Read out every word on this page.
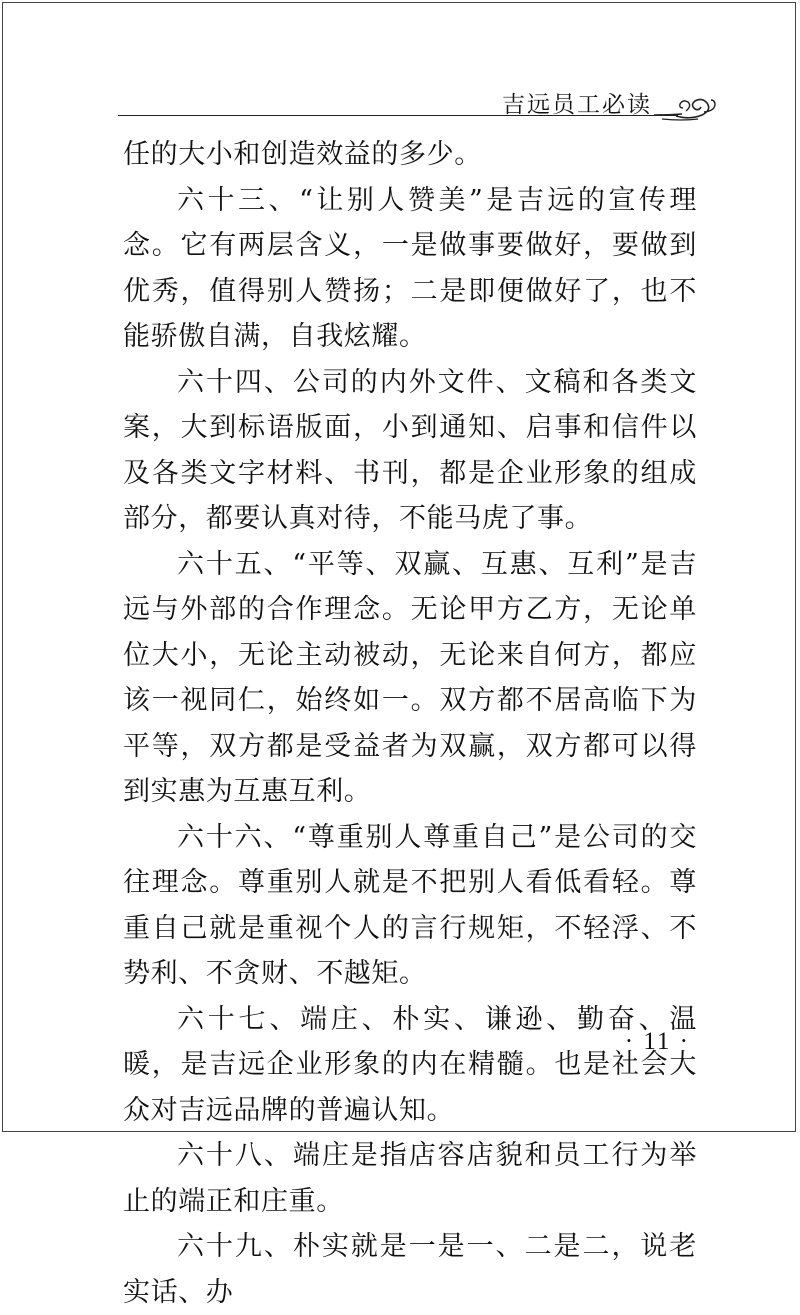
吉远员工必读

任的大小和创造效益的多少。

六十三、“让别人赞美”是吉远的宣传理念。它有两层含义，一是做事要做好，要做到优秀，值得别人赞扬；二是即便做好了，也不能骄傲自满，自我炫耀。

六十四、公司的内外文件、文稿和各类文案，大到标语版面，小到通知、启事和信件以及各类文字材料、书刊，都是企业形象的组成部分，都要认真对待，不能马虎了事。

六十五、“平等、双赢、互惠、互利”是吉远与外部的合作理念。无论甲方乙方，无论单位大小，无论主动被动，无论来自何方，都应该一视同仁，始终如一。双方都不居高临下为平等，双方都是受益者为双赢，双方都可以得到实惠为互惠互利。

六十六、“尊重别人尊重自己”是公司的交往理念。尊重别人就是不把别人看低看轻。尊重自己就是重视个人的言行规矩，不轻浮、不势利、不贪财、不越矩。

六十七、端庄、朴实、谦逊、勤奋、温暖，是吉远企业形象的内在精髓。也是社会大众对吉远品牌的普遍认知。

六十八、端庄是指店容店貌和员工行为举止的端正和庄重。

六十九、朴实就是一是一、二是二，说老实话、办

· 11 ·
